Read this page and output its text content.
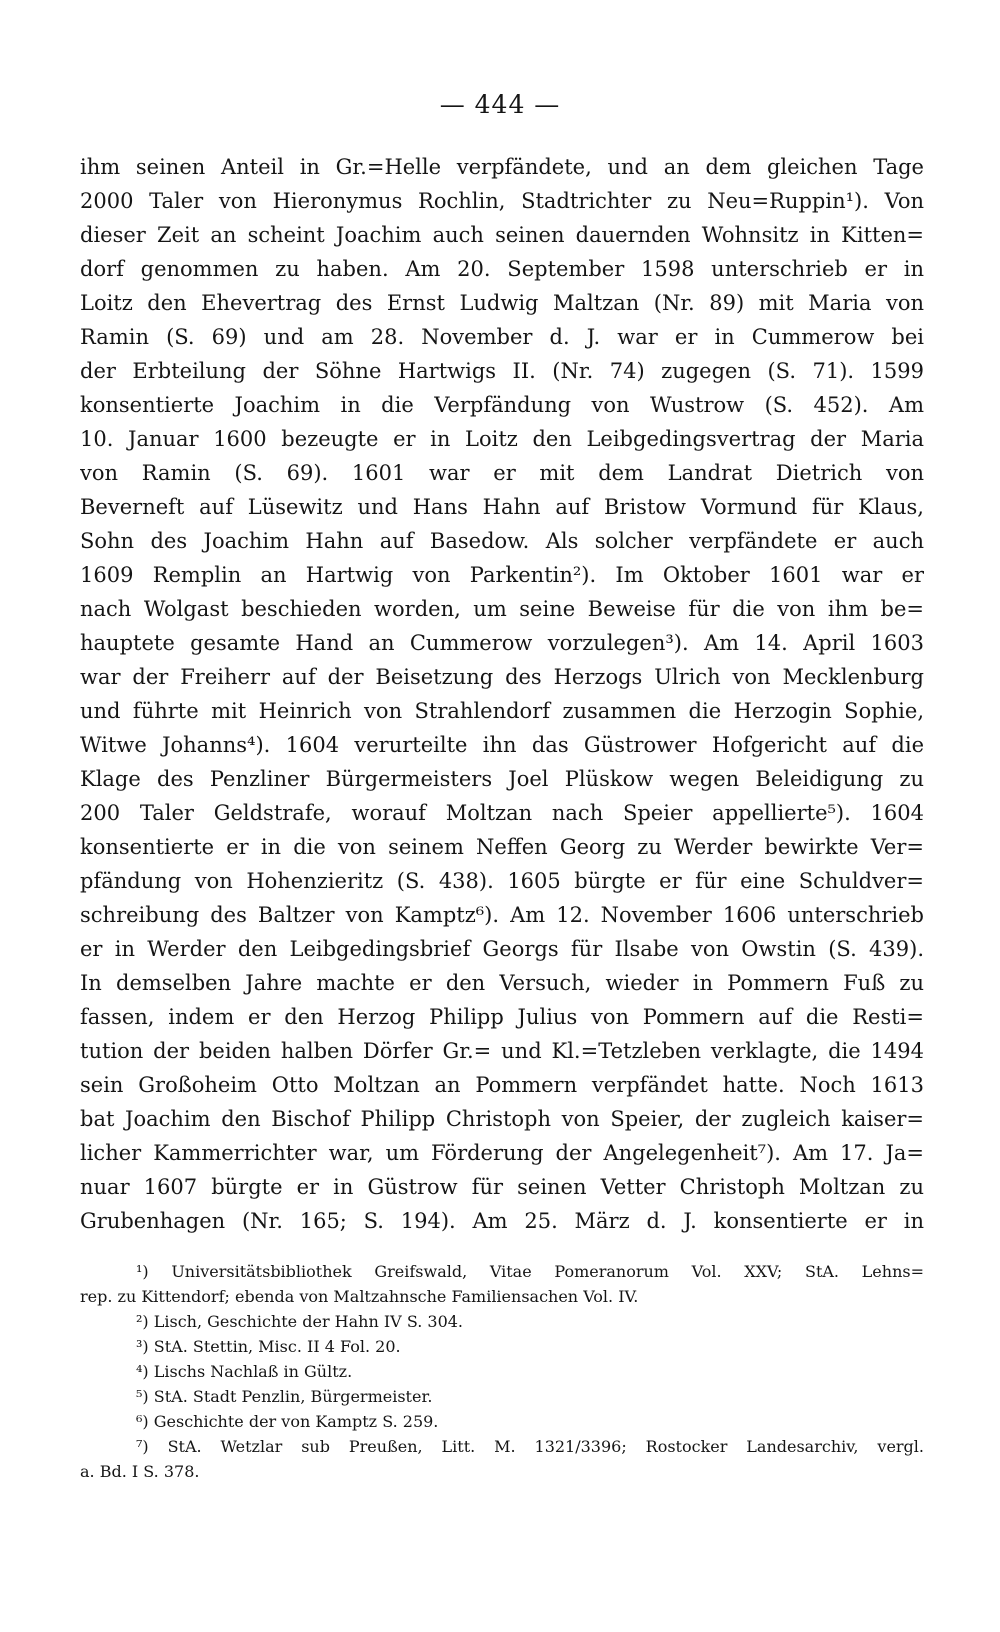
— 444 —
ihm seinen Anteil in Gr.=Helle verpfändete, und an dem gleichen Tage
2000 Taler von Hieronymus Rochlin, Stadtrichter zu Neu=Ruppin¹). Von
dieser Zeit an scheint Joachim auch seinen dauernden Wohnsitz in Kitten=
dorf genommen zu haben. Am 20. September 1598 unterschrieb er in
Loitz den Ehevertrag des Ernst Ludwig Maltzan (Nr. 89) mit Maria von
Ramin (S. 69) und am 28. November d. J. war er in Cummerow bei
der Erbteilung der Söhne Hartwigs II. (Nr. 74) zugegen (S. 71). 1599
konsentierte Joachim in die Verpfändung von Wustrow (S. 452). Am
10. Januar 1600 bezeugte er in Loitz den Leibgedingsvertrag der Maria
von Ramin (S. 69). 1601 war er mit dem Landrat Dietrich von
Beverneft auf Lüsewitz und Hans Hahn auf Bristow Vormund für Klaus,
Sohn des Joachim Hahn auf Basedow. Als solcher verpfändete er auch
1609 Remplin an Hartwig von Parkentin²). Im Oktober 1601 war er
nach Wolgast beschieden worden, um seine Beweise für die von ihm be=
hauptete gesamte Hand an Cummerow vorzulegen³). Am 14. April 1603
war der Freiherr auf der Beisetzung des Herzogs Ulrich von Mecklenburg
und führte mit Heinrich von Strahlendorf zusammen die Herzogin Sophie,
Witwe Johanns⁴). 1604 verurteilte ihn das Güstrower Hofgericht auf die
Klage des Penzliner Bürgermeisters Joel Plüskow wegen Beleidigung zu
200 Taler Geldstrafe, worauf Moltzan nach Speier appellierte⁵). 1604
konsentierte er in die von seinem Neffen Georg zu Werder bewirkte Ver=
pfändung von Hohenzieritz (S. 438). 1605 bürgte er für eine Schuldver=
schreibung des Baltzer von Kamptz⁶). Am 12. November 1606 unterschrieb
er in Werder den Leibgedingsbrief Georgs für Ilsabe von Owstin (S. 439).
In demselben Jahre machte er den Versuch, wieder in Pommern Fuß zu
fassen, indem er den Herzog Philipp Julius von Pommern auf die Resti=
tution der beiden halben Dörfer Gr.= und Kl.=Tetzleben verklagte, die 1494
sein Großoheim Otto Moltzan an Pommern verpfändet hatte. Noch 1613
bat Joachim den Bischof Philipp Christoph von Speier, der zugleich kaiser=
licher Kammerrichter war, um Förderung der Angelegenheit⁷). Am 17. Ja=
nuar 1607 bürgte er in Güstrow für seinen Vetter Christoph Moltzan zu
Grubenhagen (Nr. 165; S. 194). Am 25. März d. J. konsentierte er in
¹) Universitätsbibliothek Greifswald, Vitae Pomeranorum Vol. XXV; StA. Lehns=
rep. zu Kittendorf; ebenda von Maltzahnsche Familiensachen Vol. IV.
²) Lisch, Geschichte der Hahn IV S. 304.
³) StA. Stettin, Misc. II 4 Fol. 20.
⁴) Lischs Nachlaß in Gültz.
⁵) StA. Stadt Penzlin, Bürgermeister.
⁶) Geschichte der von Kamptz S. 259.
⁷) StA. Wetzlar sub Preußen, Litt. M. 1321/3396; Rostocker Landesarchiv, vergl.
a. Bd. I S. 378.
